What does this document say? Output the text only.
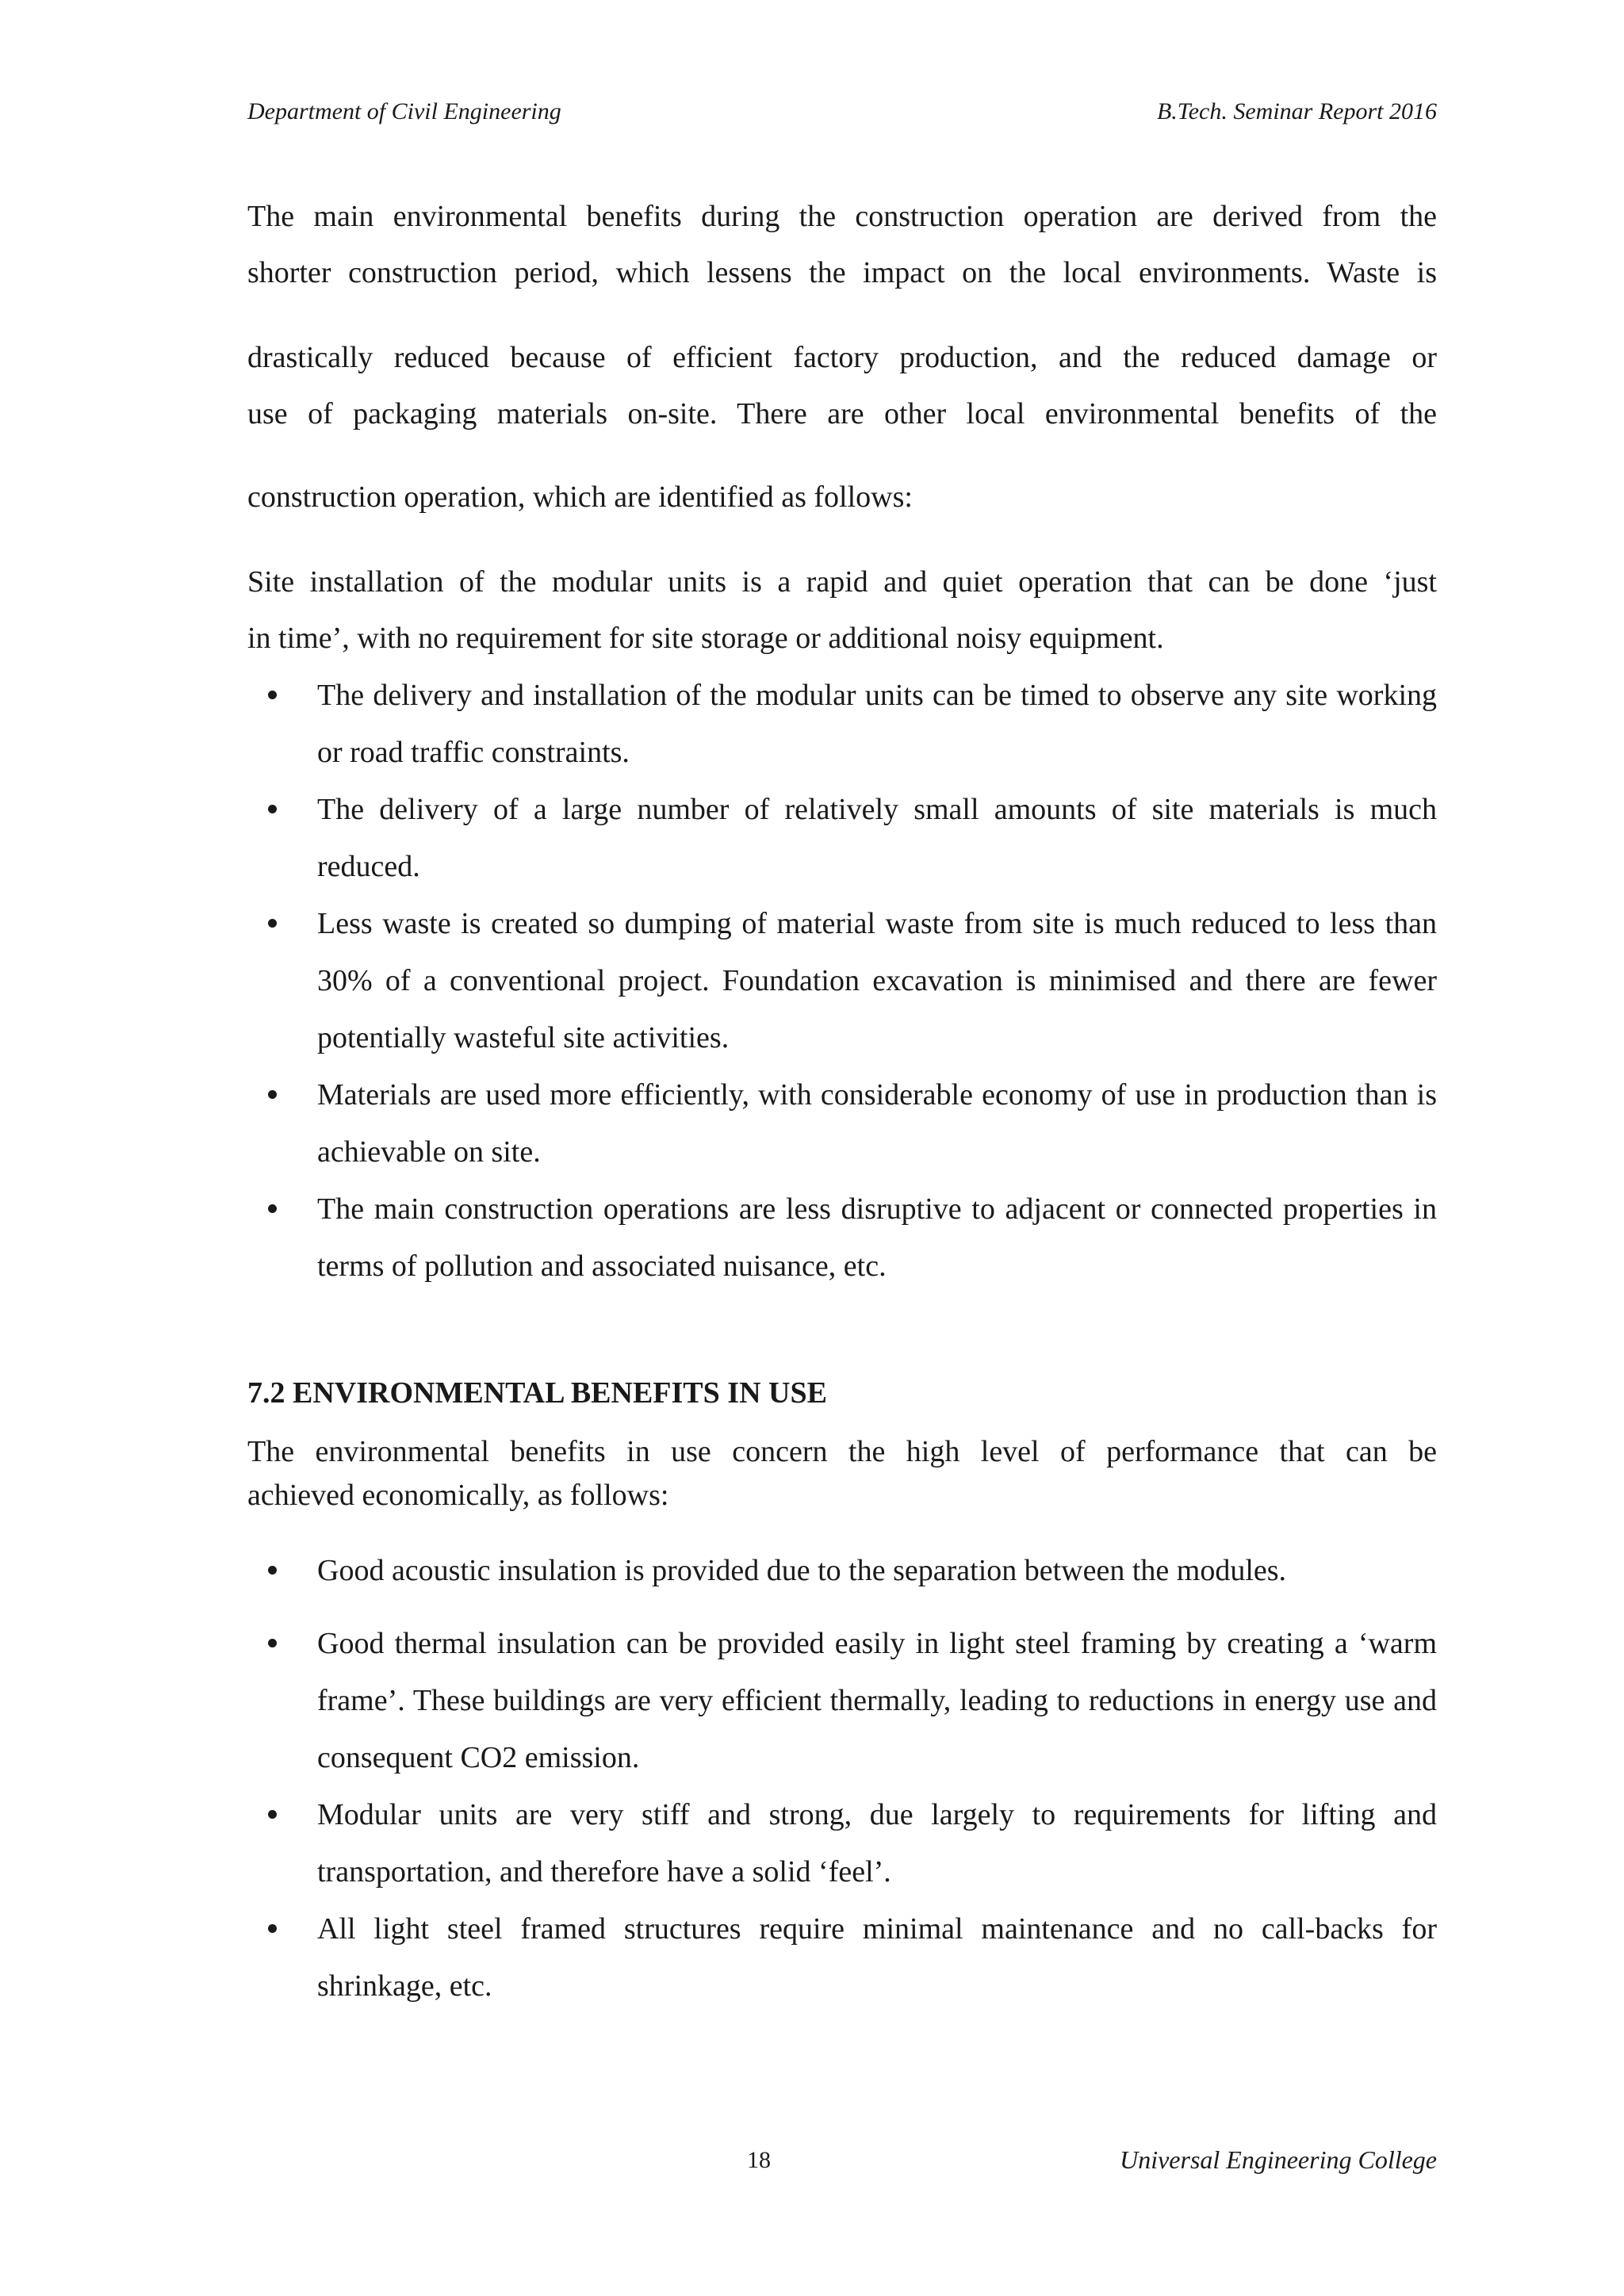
Department of Civil Engineering	B.Tech. Seminar Report 2016

The main environmental benefits during the construction operation are derived from the

shorter construction period, which lessens the impact on the local environments. Waste is

drastically reduced because of efficient factory production, and the reduced damage or

use of packaging materials on-site. There are other local environmental benefits of the

construction operation, which are identified as follows:

Site installation of the modular units is a rapid and quiet operation that can be done ‘just

in time’, with no requirement for site storage or additional noisy equipment.

The delivery and installation of the modular units can be timed to observe any site working or road traffic constraints.
The delivery of a large number of relatively small amounts of site materials is much reduced.
Less waste is created so dumping of material waste from site is much reduced to less than 30% of a conventional project. Foundation excavation is minimised and there are fewer potentially wasteful site activities.
Materials are used more efficiently, with considerable economy of use in production than is achievable on site.
The main construction operations are less disruptive to adjacent or connected properties in terms of pollution and associated nuisance, etc.
7.2 ENVIRONMENTAL BENEFITS IN USE

The environmental benefits in use concern the high level of performance that can be

achieved economically, as follows:

Good acoustic insulation is provided due to the separation between the modules.
Good thermal insulation can be provided easily in light steel framing by creating a ‘warm frame’. These buildings are very efficient thermally, leading to reductions in energy use and consequent CO2 emission.
Modular units are very stiff and strong, due largely to requirements for lifting and transportation, and therefore have a solid ‘feel’.
All light steel framed structures require minimal maintenance and no call-backs for shrinkage, etc.
18	Universal Engineering College
